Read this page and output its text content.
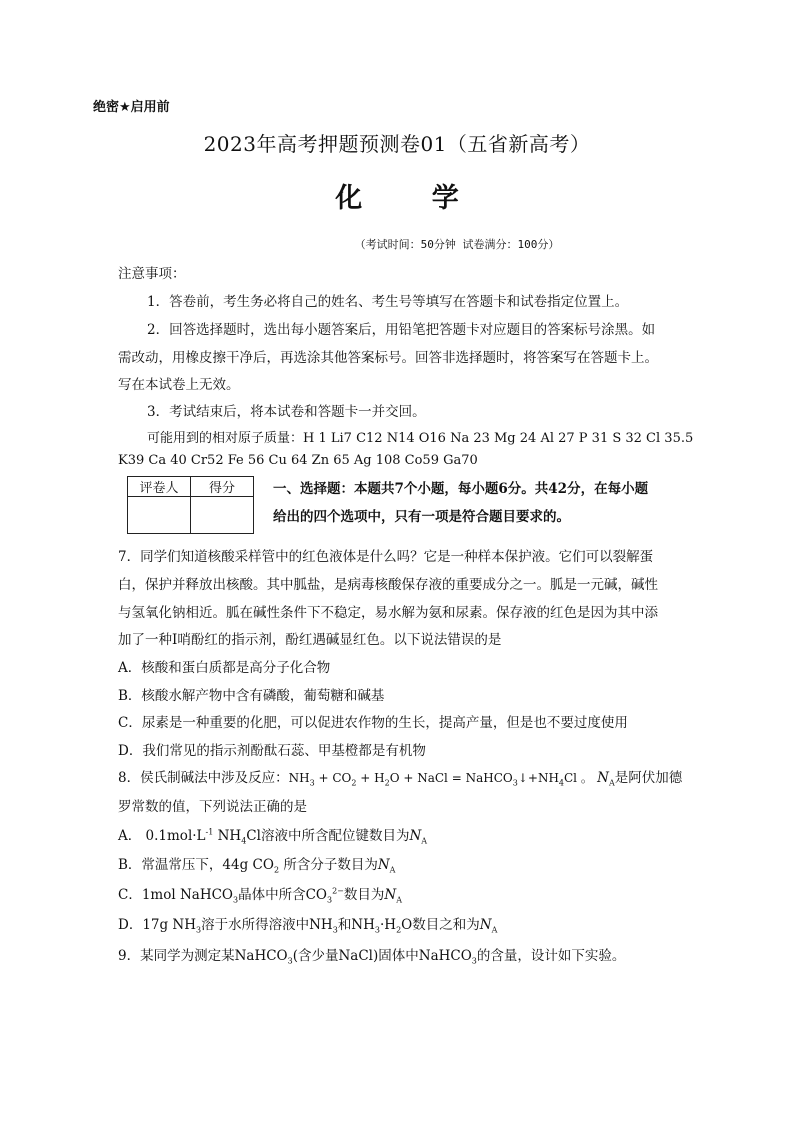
绝密★启用前
2023年高考押题预测卷01（五省新高考）
化 学
（考试时间：50分钟 试卷满分：100分）
注意事项：
1．答卷前，考生务必将自己的姓名、考生号等填写在答题卡和试卷指定位置上。
2．回答选择题时，选出每小题答案后，用铅笔把答题卡对应题目的答案标号涂黑。如
需改动，用橡皮擦干净后，再选涂其他答案标号。回答非选择题时，将答案写在答题卡上。
写在本试卷上无效。
3．考试结束后，将本试卷和答题卡一并交回。
可能用到的相对原子质量：H 1 Li7 C12 N14 O16 Na 23 Mg 24 Al 27 P 31 S 32 Cl 35.5
K39 Ca 40 Cr52 Fe 56 Cu 64 Zn 65 Ag 108 Co59 Ga70
评卷人	得分
		一、选择题：本题共7个小题，每小题6分。共42分，在每小题
给出的四个选项中，只有一项是符合题目要求的。
7．同学们知道核酸采样管中的红色液体是什么吗？它是一种样本保护液。它们可以裂解蛋
白，保护并释放出核酸。其中胍盐，是病毒核酸保存液的重要成分之一。胍是一元碱，碱性
与氢氧化钠相近。胍在碱性条件下不稳定，易水解为氨和尿素。保存液的红色是因为其中添
加了一种I哨酚红的指示剂，酚红遇碱显红色。以下说法错误的是
A．核酸和蛋白质都是高分子化合物
B．核酸水解产物中含有磷酸，葡萄糖和碱基
C．尿素是一种重要的化肥，可以促进农作物的生长，提高产量，但是也不要过度使用
D．我们常见的指示剂酚酞石蕊、甲基橙都是有机物
8．侯氏制碱法中涉及反应：$NH_3 + CO_2 + H_2O$ + NaCl = $NaHCO_3↓+NH_4Cl$ 。 $N_A$是阿伏加德
罗常数的值，下列说法正确的是
A． $0.1mol\cdot L^{-1}$ $NH_4Cl$溶液中所含配位键数目为$N_A$
B．常温常压下，44g $CO_2$ 所含分子数目为$N_A$
C．1mol NaHCO$_3$晶体中所含$CO_3^{2-}$数目为$N_A$
D．17g $NH_3$溶于水所得溶液中$NH_3$和$NH_3\cdot H_2O$数目之和为$N_A$
9．某同学为测定某NaHCO$_3$(含少量NaCl)固体中NaHCO$_3$的含量，设计如下实验。
